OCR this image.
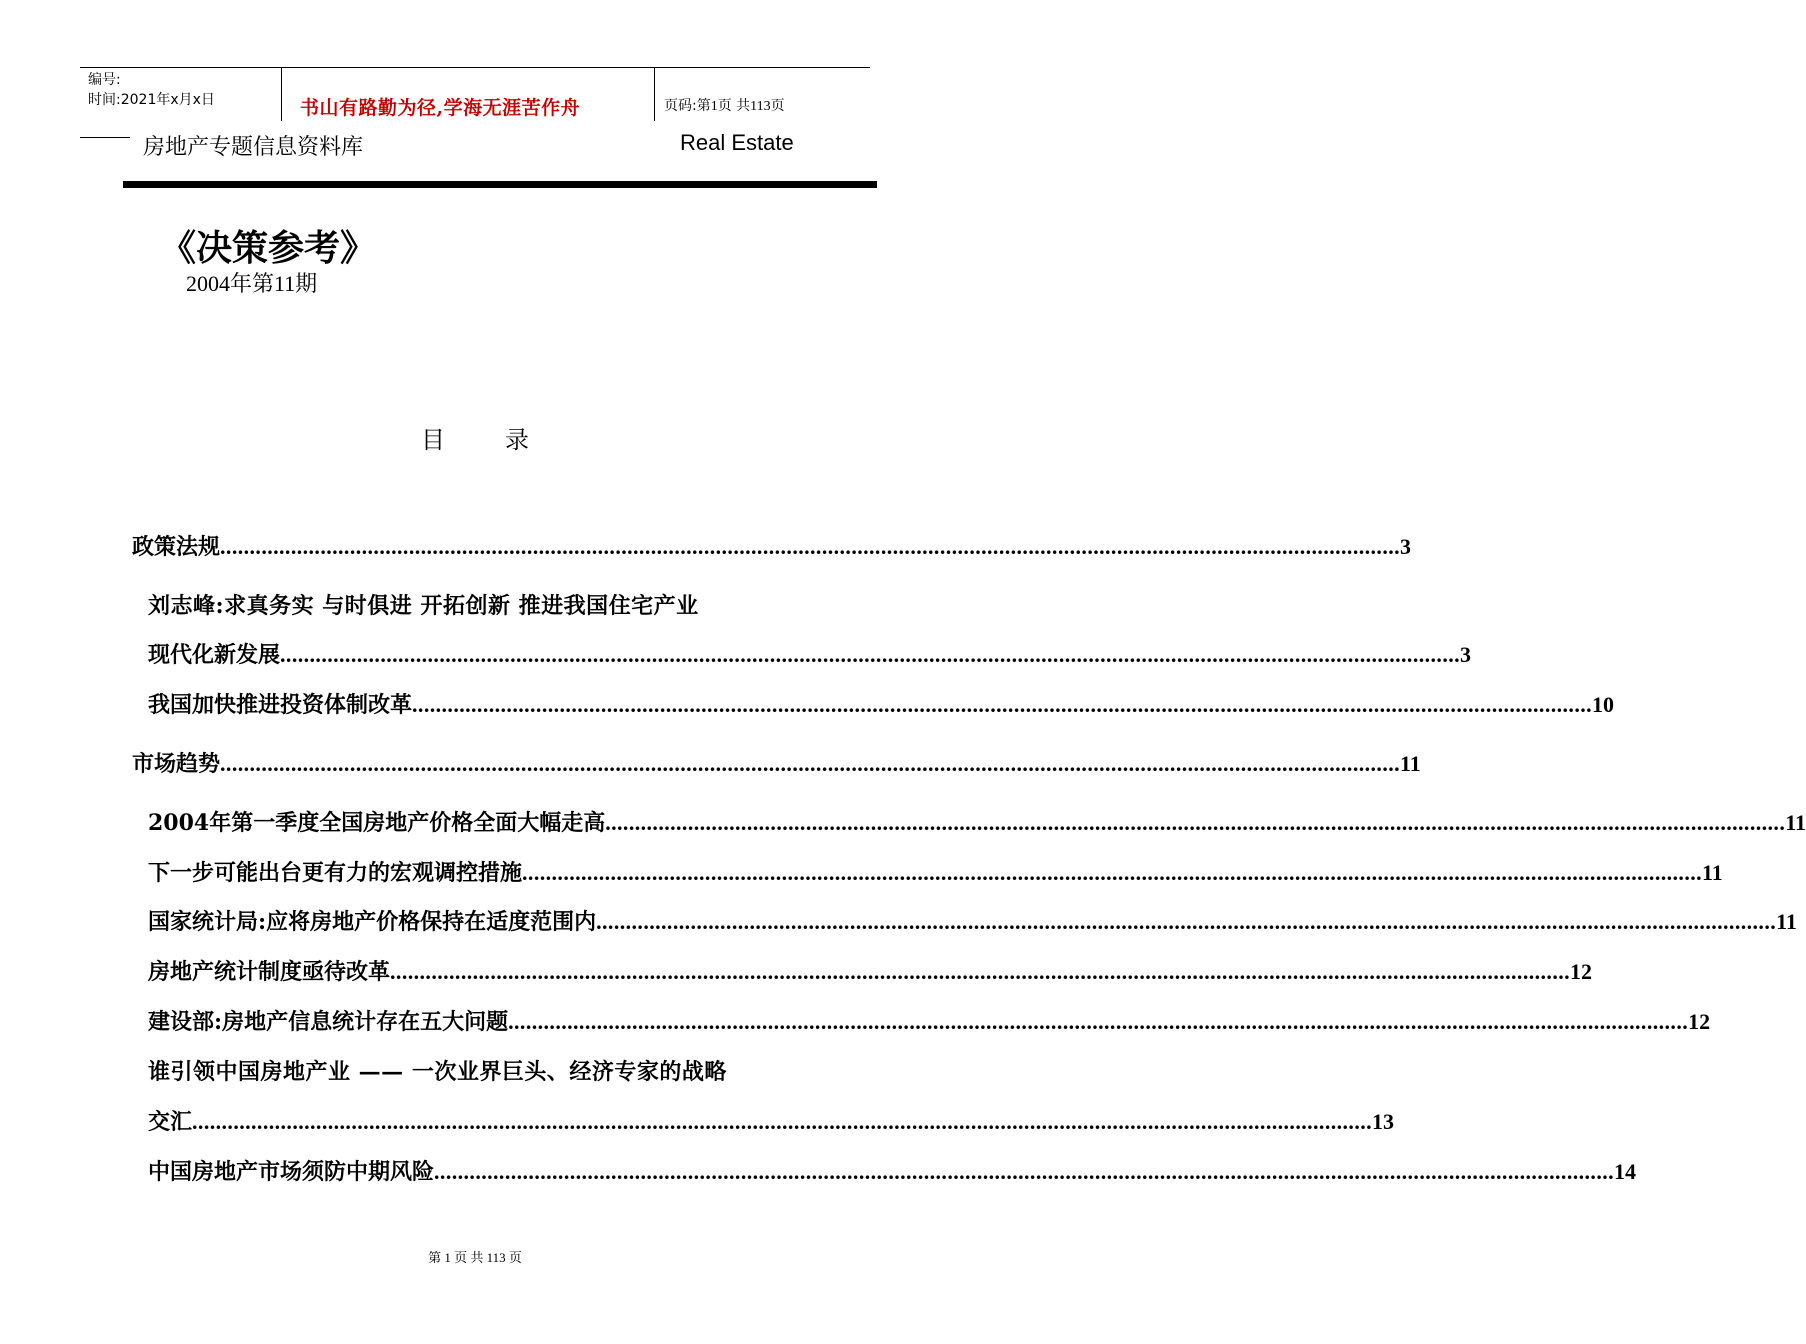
编号:
时间:2021年x月x日	书山有路勤为径,学海无涯苦作舟	页码:第1页 共113页
房地产专题信息资料库	Real Estate
《决策参考》
2004年第11期
目录
政策法规 ........................................................................................................................................................................................................ 3
刘志峰:求真务实 与时俱进 开拓创新 推进我国住宅产业
现代化新发展 ........................................................................................................................................................................................................ 3
我国加快推进投资体制改革 ........................................................................................................................................................................................................ 10
市场趋势 ........................................................................................................................................................................................................ 11
2004年第一季度全国房地产价格全面大幅走高 ........................................................................................................................................................................................................ 11
下一步可能出台更有力的宏观调控措施 ........................................................................................................................................................................................................ 11
国家统计局:应将房地产价格保持在适度范围内 ........................................................................................................................................................................................................ 11
房地产统计制度亟待改革 ........................................................................................................................................................................................................ 12
建设部:房地产信息统计存在五大问题 ........................................................................................................................................................................................................ 12
谁引领中国房地产业 —— 一次业界巨头、经济专家的战略
交汇 ........................................................................................................................................................................................................ 13
中国房地产市场须防中期风险 ........................................................................................................................................................................................................ 14
第 1 页 共 113 页
